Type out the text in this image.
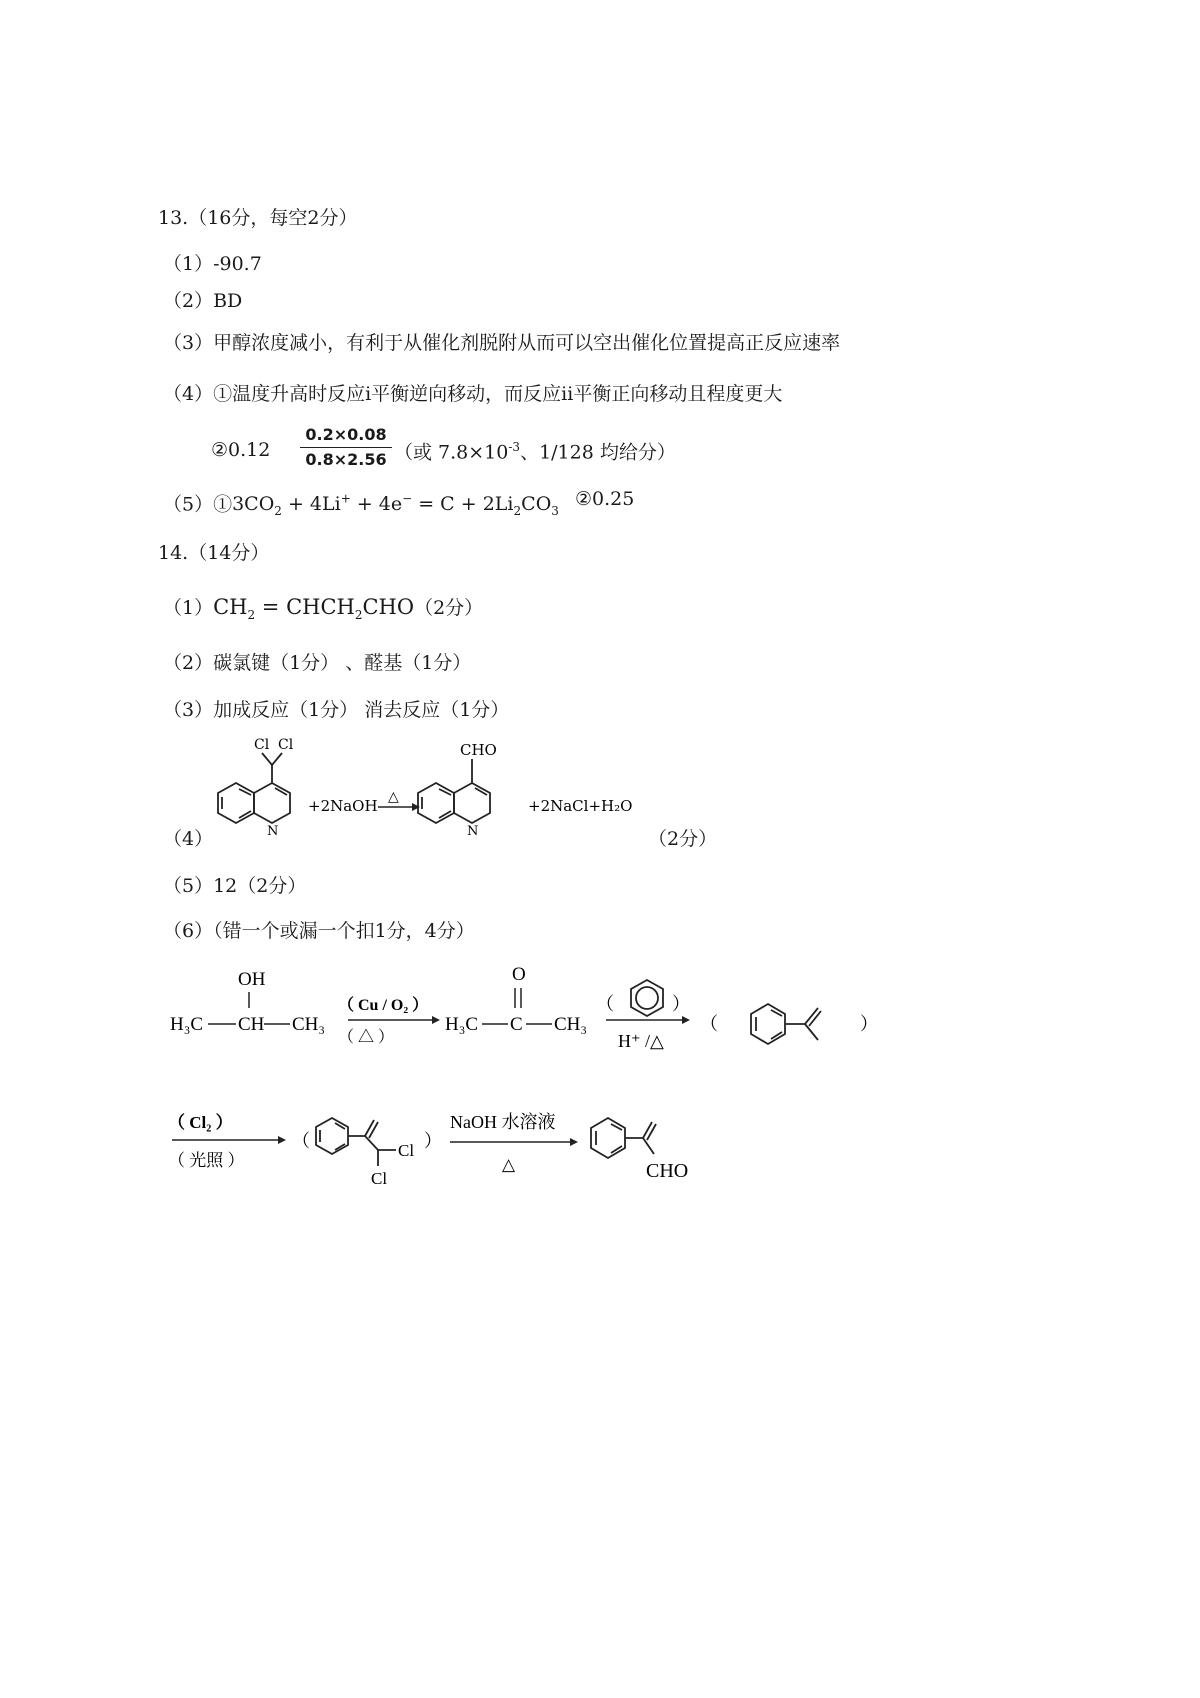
13.（16分，每空2分）
（1）-90.7
（2）BD
（3）甲醇浓度减小，有利于从催化剂脱附从而可以空出催化位置提高正反应速率
（4）①温度升高时反应ⅰ平衡逆向移动，而反应ⅱ平衡正向移动且程度更大
②0.12
0.2×0.08
0.8×2.56 （或 $7.8\times 10^{-3}$、1/128 均给分）
$(5)①3CO_2 + 4Li^+ + 4e^- = C + 2Li_2CO_3$
②0.25
14.（14分）
$(1)CH_2$ = $CHCH_2CHO(2$分）
（2）碳氯键（1分） 、醛基（1分）
（3）加成反应（1分） 消去反应（1分）
（4）
Cl Cl
N
+2NaOH △
CHO
N
+2NaCl+H₂O
（2分）
（5）12（2分）
（6）（错一个或漏一个扣1分，4分）
OH
H₃C CH CH₃
（ Cu / O₂ ）
（ △ ）
O
H₃C C CH₃
（	）
H⁺ /△
（	）
（ Cl₂ ）
（ 光照 ）
（	Cl
Cl
）
NaOH 水溶液
△	CHO
